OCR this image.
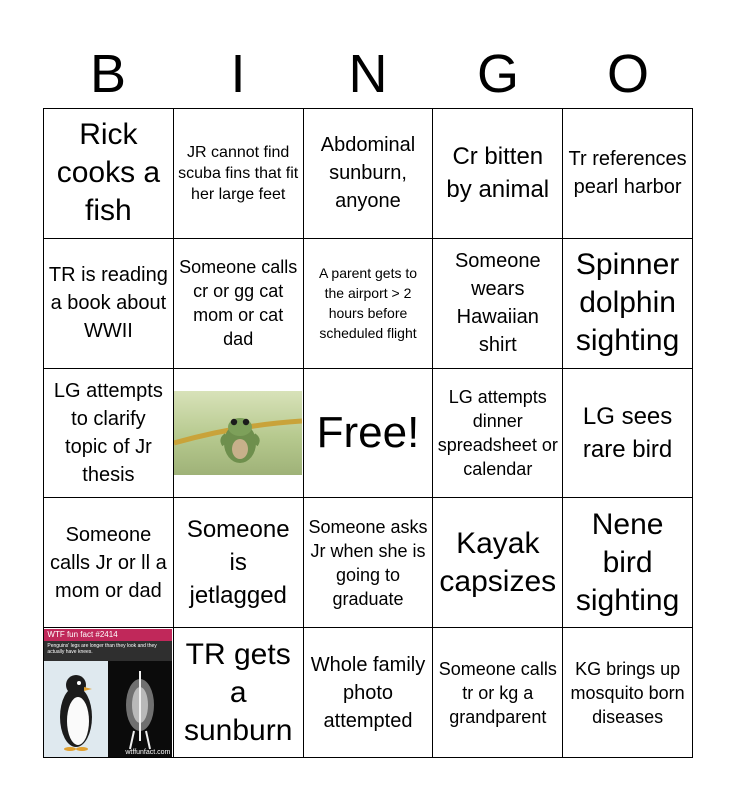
B	I	N	G	O
Rick cooks a fish
JR cannot find scuba fins that fit her large feet
Abdominal sunburn, anyone
Cr bitten by animal
Tr references pearl harbor
TR is reading a book about WWII
Someone calls cr or gg cat mom or cat dad
A parent gets to the airport > 2 hours before scheduled flight
Someone wears Hawaiian shirt
Spinner dolphin sighting
LG attempts to clarify topic of Jr thesis
Free!
LG attempts dinner spreadsheet or calendar
LG sees rare bird
Someone calls Jr or ll a mom or dad
Someone is jetlagged
Someone asks Jr when she is going to graduate
Kayak capsizes
Nene bird sighting
WTF fun fact #2414
Penguins' legs are longer than they look and they actually have knees.
wtffunfact.com
TR gets a sunburn
Whole family photo attempted
Someone calls tr or kg a grandparent
KG brings up mosquito born diseases
